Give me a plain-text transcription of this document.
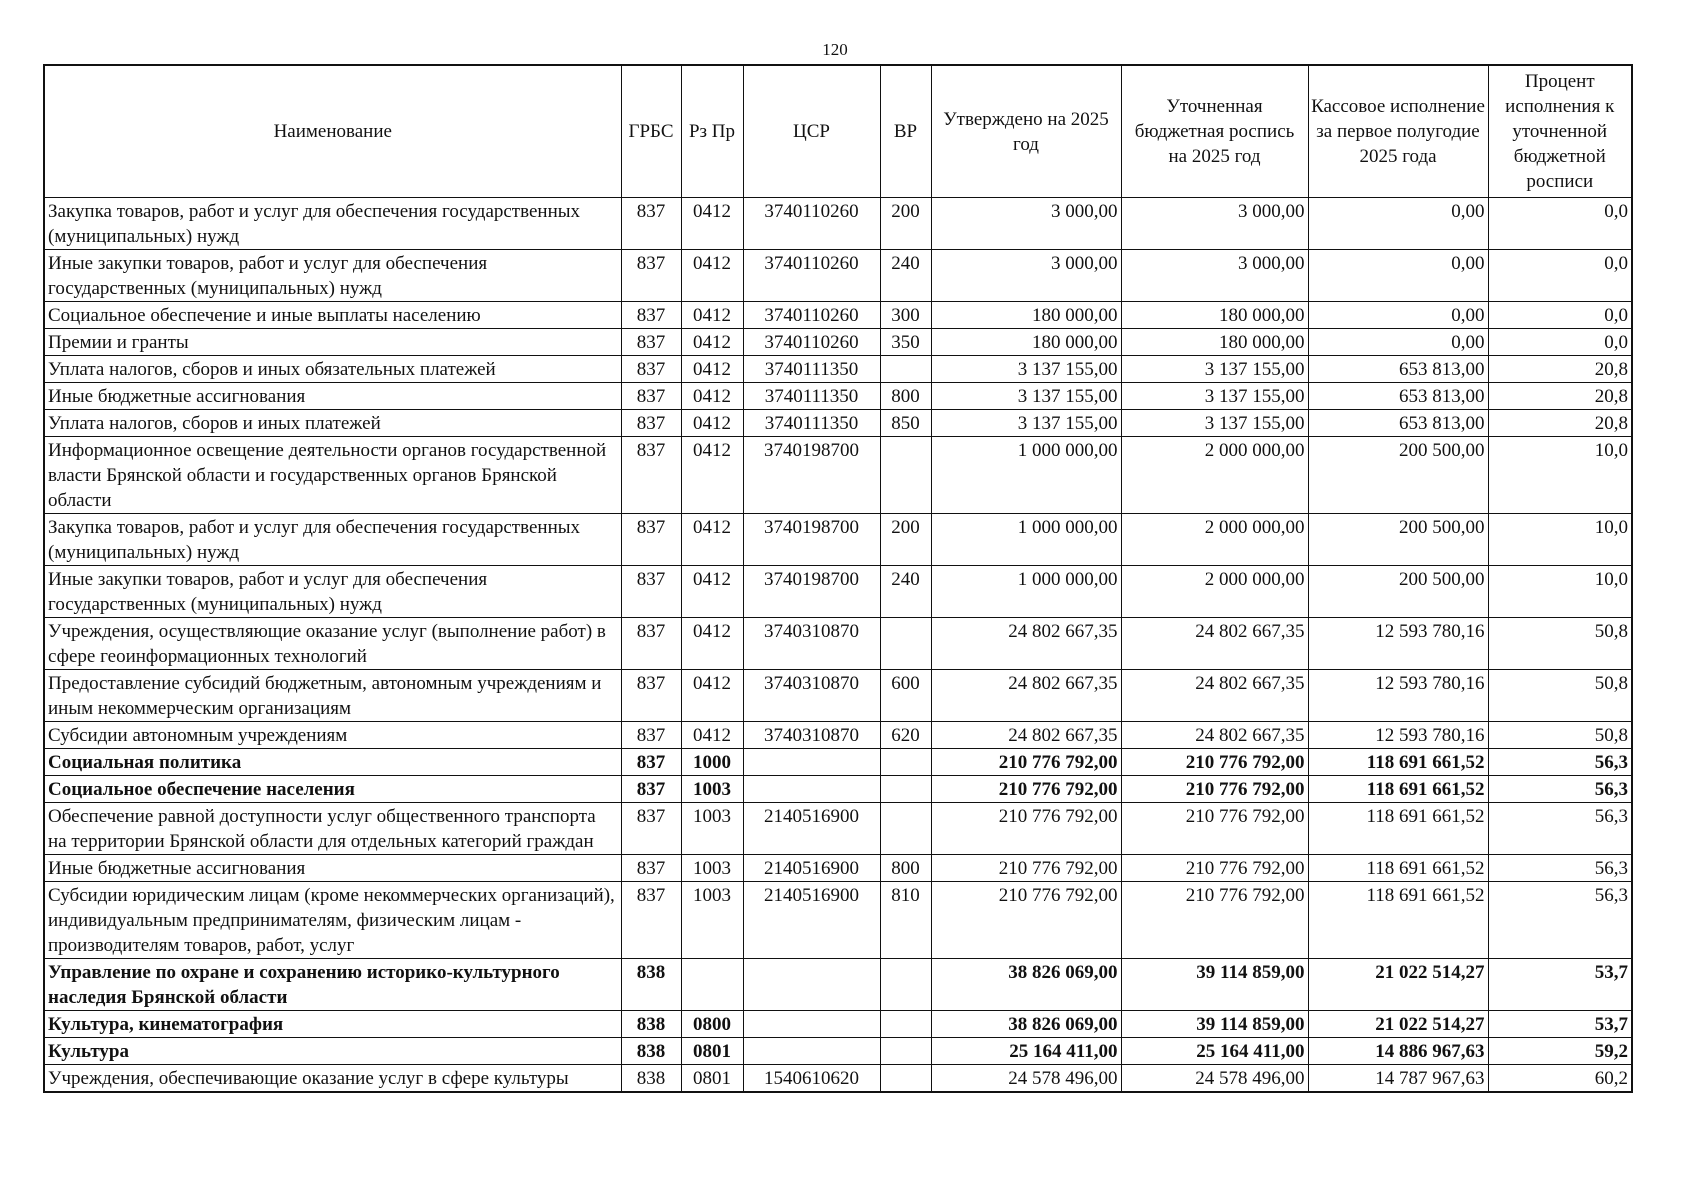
120
Наименование	ГРБС	Рз Пр	ЦСР	ВР	Утверждено на 2025 год	Уточненная бюджетная роспись на 2025 год	Кассовое исполнение за первое полугодие 2025 года	Процент исполнения к уточненной бюджетной росписи
Закупка товаров, работ и услуг для обеспечения государственных (муниципальных) нужд	837	0412	3740110260	200	3 000,00	3 000,00	0,00	0,0
Иные закупки товаров, работ и услуг для обеспечения государственных (муниципальных) нужд	837	0412	3740110260	240	3 000,00	3 000,00	0,00	0,0
Социальное обеспечение и иные выплаты населению	837	0412	3740110260	300	180 000,00	180 000,00	0,00	0,0
Премии и гранты	837	0412	3740110260	350	180 000,00	180 000,00	0,00	0,0
Уплата налогов, сборов и иных обязательных платежей	837	0412	3740111350		3 137 155,00	3 137 155,00	653 813,00	20,8
Иные бюджетные ассигнования	837	0412	3740111350	800	3 137 155,00	3 137 155,00	653 813,00	20,8
Уплата налогов, сборов и иных платежей	837	0412	3740111350	850	3 137 155,00	3 137 155,00	653 813,00	20,8
Информационное освещение деятельности органов государственной власти Брянской области и государственных органов Брянской области	837	0412	3740198700		1 000 000,00	2 000 000,00	200 500,00	10,0
Закупка товаров, работ и услуг для обеспечения государственных (муниципальных) нужд	837	0412	3740198700	200	1 000 000,00	2 000 000,00	200 500,00	10,0
Иные закупки товаров, работ и услуг для обеспечения государственных (муниципальных) нужд	837	0412	3740198700	240	1 000 000,00	2 000 000,00	200 500,00	10,0
Учреждения, осуществляющие оказание услуг (выполнение работ) в сфере геоинформационных технологий	837	0412	3740310870		24 802 667,35	24 802 667,35	12 593 780,16	50,8
Предоставление субсидий бюджетным, автономным учреждениям и иным некоммерческим организациям	837	0412	3740310870	600	24 802 667,35	24 802 667,35	12 593 780,16	50,8
Субсидии автономным учреждениям	837	0412	3740310870	620	24 802 667,35	24 802 667,35	12 593 780,16	50,8
Социальная политика	837	1000			210 776 792,00	210 776 792,00	118 691 661,52	56,3
Социальное обеспечение населения	837	1003			210 776 792,00	210 776 792,00	118 691 661,52	56,3
Обеспечение равной доступности услуг общественного транспорта на территории Брянской области для отдельных категорий граждан	837	1003	2140516900		210 776 792,00	210 776 792,00	118 691 661,52	56,3
Иные бюджетные ассигнования	837	1003	2140516900	800	210 776 792,00	210 776 792,00	118 691 661,52	56,3
Субсидии юридическим лицам (кроме некоммерческих организаций), индивидуальным предпринимателям, физическим лицам - производителям товаров, работ, услуг	837	1003	2140516900	810	210 776 792,00	210 776 792,00	118 691 661,52	56,3
Управление по охране и сохранению историко-культурного наследия Брянской области	838				38 826 069,00	39 114 859,00	21 022 514,27	53,7
Культура, кинематография	838	0800			38 826 069,00	39 114 859,00	21 022 514,27	53,7
Культура	838	0801			25 164 411,00	25 164 411,00	14 886 967,63	59,2
Учреждения, обеспечивающие оказание услуг в сфере культуры	838	0801	1540610620		24 578 496,00	24 578 496,00	14 787 967,63	60,2
